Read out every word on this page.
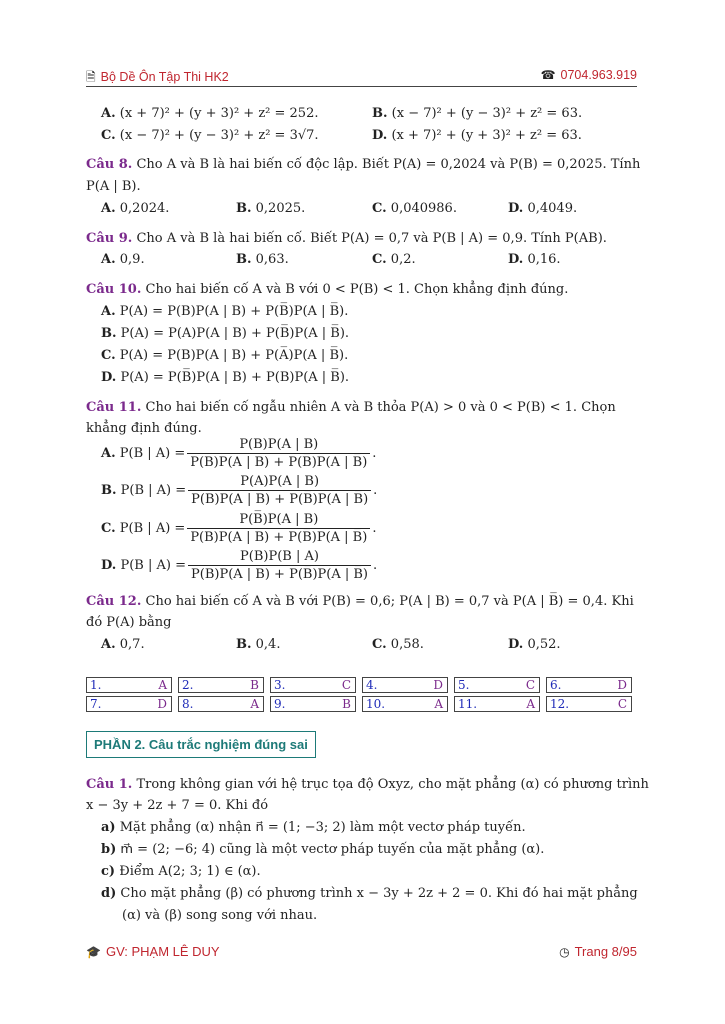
🗎 Bộ Dề Ôn Tập Thi HK2	☎ 0704.963.919
A. (x + 7)² + (y + 3)² + z² = 252.	B. (x − 7)² + (y − 3)² + z² = 63.
C. (x − 7)² + (y − 3)² + z² = 3√7.	D. (x + 7)² + (y + 3)² + z² = 63.
Câu 8. Cho A và B là hai biến cố độc lập. Biết P(A) = 0,2024 và P(B) = 0,2025. Tính
P(A | B).
A. 0,2024.	B. 0,2025.	C. 0,040986.	D. 0,4049.
Câu 9. Cho A và B là hai biến cố. Biết P(A) = 0,7 và P(B | A) = 0,9. Tính P(AB).
A. 0,9.	B. 0,63.	C. 0,2.	D. 0,16.
Câu 10. Cho hai biến cố A và B với 0 < P(B) < 1. Chọn khẳng định đúng.
A. P(A) = P(B)P(A | B) + P(B̅)P(A | B̅).
B. P(A) = P(A)P(A | B) + P(B̅)P(A | B̅).
C. P(A) = P(B)P(A | B) + P(A̅)P(A | B̅).
D. P(A) = P(B̅)P(A | B) + P(B)P(A | B̅).
Câu 11. Cho hai biến cố ngẫu nhiên A và B thỏa P(A) > 0 và 0 < P(B) < 1. Chọn
khẳng định đúng.
A. P(B | $A) = \frac{P(B)P(A | B)}{P(B)P(A | B) + P(B̅)P(A | B̅)}$ .
B. P(B | $A) = \frac{P(A)P(A | B)}{P(B)P(A | B) + P(B̅)P(A | B̅)}$ .
C. P(B | $A) = \frac{P(B̅)P(A | B)}{P(B)P(A | B) + P(B̅)P(A | B̅)}$ .
D. P(B | $A) = \frac{P(B)P(B | A)}{P(B)P(A | B) + P(B̅)P(A | B̅)}$ .
Câu 12. Cho hai biến cố A và B với P(B) = 0,6; P(A | B) = 0,7 và P(A | B̅) = 0,4. Khi
đó P(A) bằng
A. 0,7.	B. 0,4.	C. 0,58.	D. 0,52.
1. A	2. B	3. C	4. D	5. C	6. D

7. D	8. A	9. B	10. A	11. A	12. C
PHẦN 2. Câu trắc nghiệm đúng sai
Câu 1. Trong không gian với hệ trục tọa độ Oxyz, cho mặt phẳng (α) có phương trình
x − 3y + 2z + 7 = 0. Khi đó
a) Mặt phẳng (α) nhận n⃗ = (1; −3; 2) làm một vectơ pháp tuyến.
b) m⃗ = (2; −6; 4) cũng là một vectơ pháp tuyến của mặt phẳng (α).
c) Điểm A(2; 3; 1) ∈ (α).
d) Cho mặt phẳng (β) có phương trình x − 3y + 2z + 2 = 0. Khi đó hai mặt phẳng
(α) và (β) song song với nhau.
🎓 GV: PHẠM LÊ DUY	◷ Trang 8/95
